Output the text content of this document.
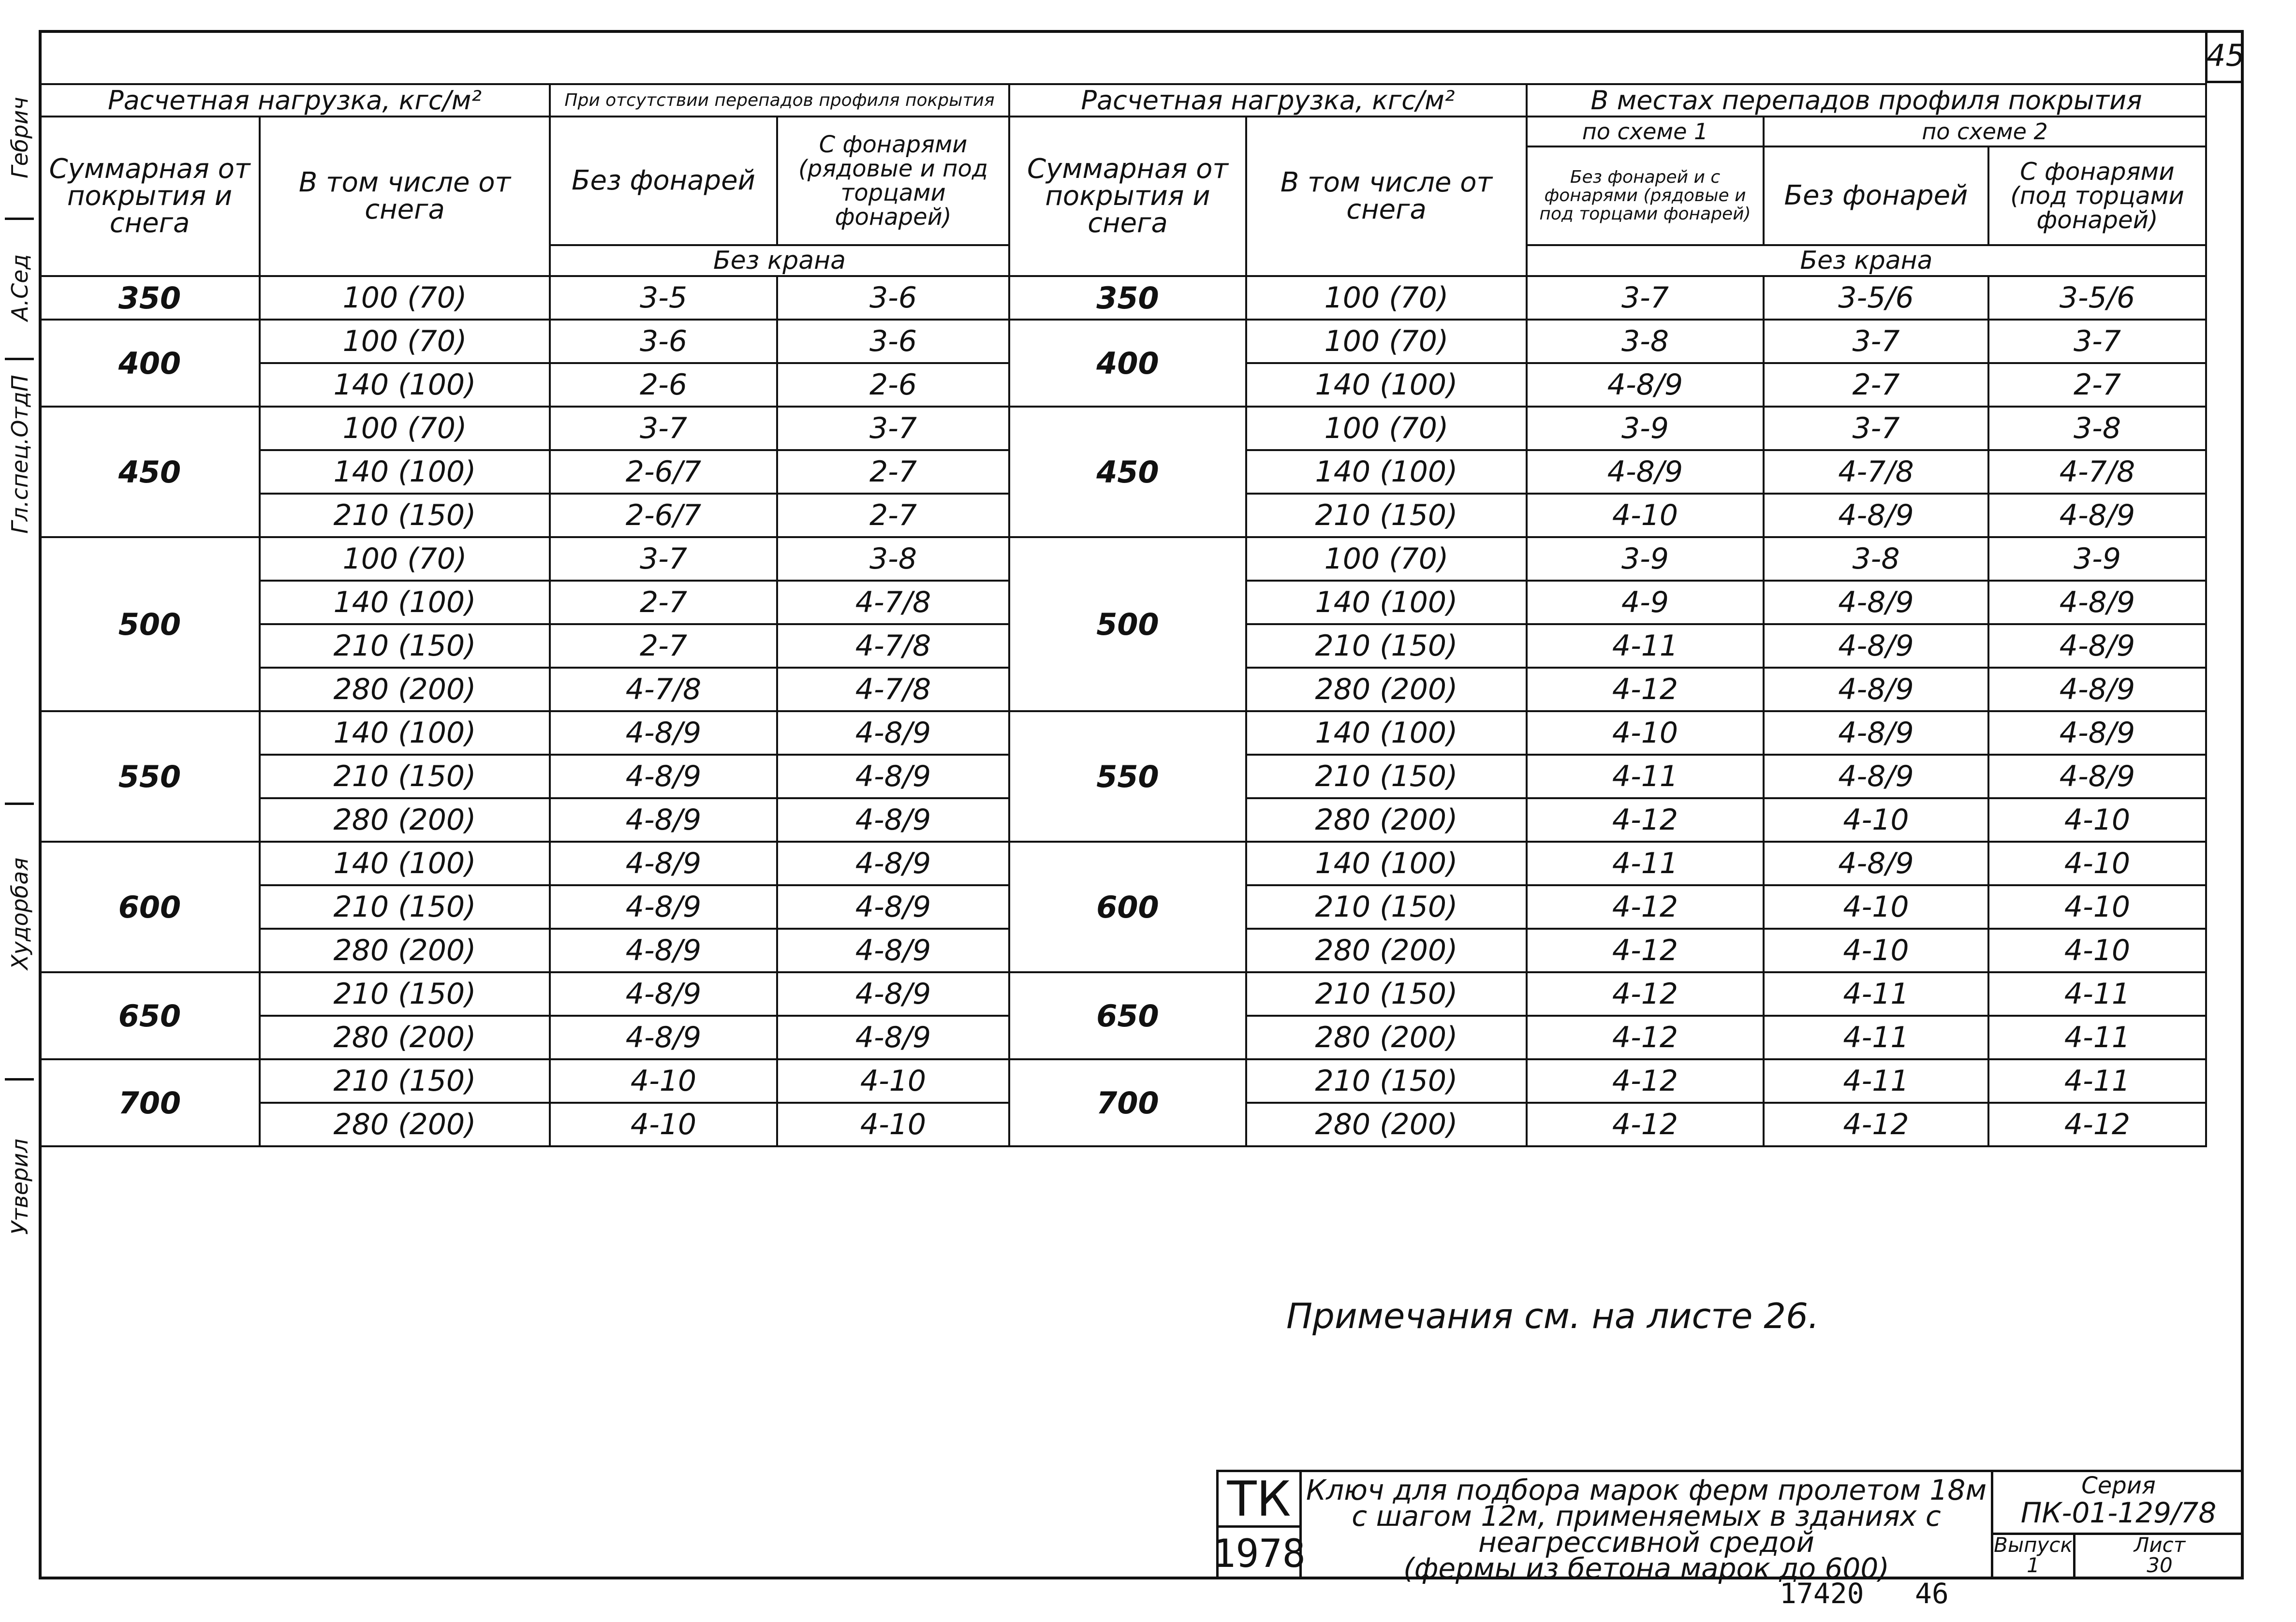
45
Гебрич
А.Сед
Гл.спец.ОтдП
Худорбая
Утверил
Расчетная нагрузка, кгс/м²		При отсутствии перепадов профиля покрытия		Расчетная нагрузка, кгс/м²		В местах перепадов профиля покрытия		
Суммарная от покрытия и снега	В том числе от снега	Без фонарей	С фонарями (рядовые и под торцами фонарей)	Суммарная от покрытия и снега	В том числе от снега	по схеме 1	по схеме 2	
						Без фонарей и с фонарями (рядовые и под торцами фонарей)	Без фонарей	С фонарями (под торцами фонарей)
		Без крана				Без крана		
350	100 (70)	3-5	3-6	350	100 (70)	3-7	3-5/6	3-5/6
400	100 (70)	3-6	3-6	400	100 (70)	3-8	3-7	3-7
	140 (100)	2-6	2-6		140 (100)	4-8/9	2-7	2-7
450	100 (70)	3-7	3-7	450	100 (70)	3-9	3-7	3-8
	140 (100)	2-6/7	2-7		140 (100)	4-8/9	4-7/8	4-7/8
	210 (150)	2-6/7	2-7		210 (150)	4-10	4-8/9	4-8/9
500	100 (70)	3-7	3-8	500	100 (70)	3-9	3-8	3-9
	140 (100)	2-7	4-7/8		140 (100)	4-9	4-8/9	4-8/9
	210 (150)	2-7	4-7/8		210 (150)	4-11	4-8/9	4-8/9
	280 (200)	4-7/8	4-7/8		280 (200)	4-12	4-8/9	4-8/9
550	140 (100)	4-8/9	4-8/9	550	140 (100)	4-10	4-8/9	4-8/9
	210 (150)	4-8/9	4-8/9		210 (150)	4-11	4-8/9	4-8/9
	280 (200)	4-8/9	4-8/9		280 (200)	4-12	4-10	4-10
600	140 (100)	4-8/9	4-8/9	600	140 (100)	4-11	4-8/9	4-10
	210 (150)	4-8/9	4-8/9		210 (150)	4-12	4-10	4-10
	280 (200)	4-8/9	4-8/9		280 (200)	4-12	4-10	4-10
650	210 (150)	4-8/9	4-8/9	650	210 (150)	4-12	4-11	4-11
	280 (200)	4-8/9	4-8/9		280 (200)	4-12	4-11	4-11
700	210 (150)	4-10	4-10	700	210 (150)	4-12	4-11	4-11
	280 (200)	4-10	4-10		280 (200)	4-12	4-12	4-12
Примечания см. на листе 26.
ТК
1978
Ключ для подбора марок ферм пролетом 18м
с шагом 12м, применяемых в зданиях с
неагрессивной средой
(фермы из бетона марок до 600)
Серия
ПК-01-129/78
Выпуск
1
Лист
30
17420 46
